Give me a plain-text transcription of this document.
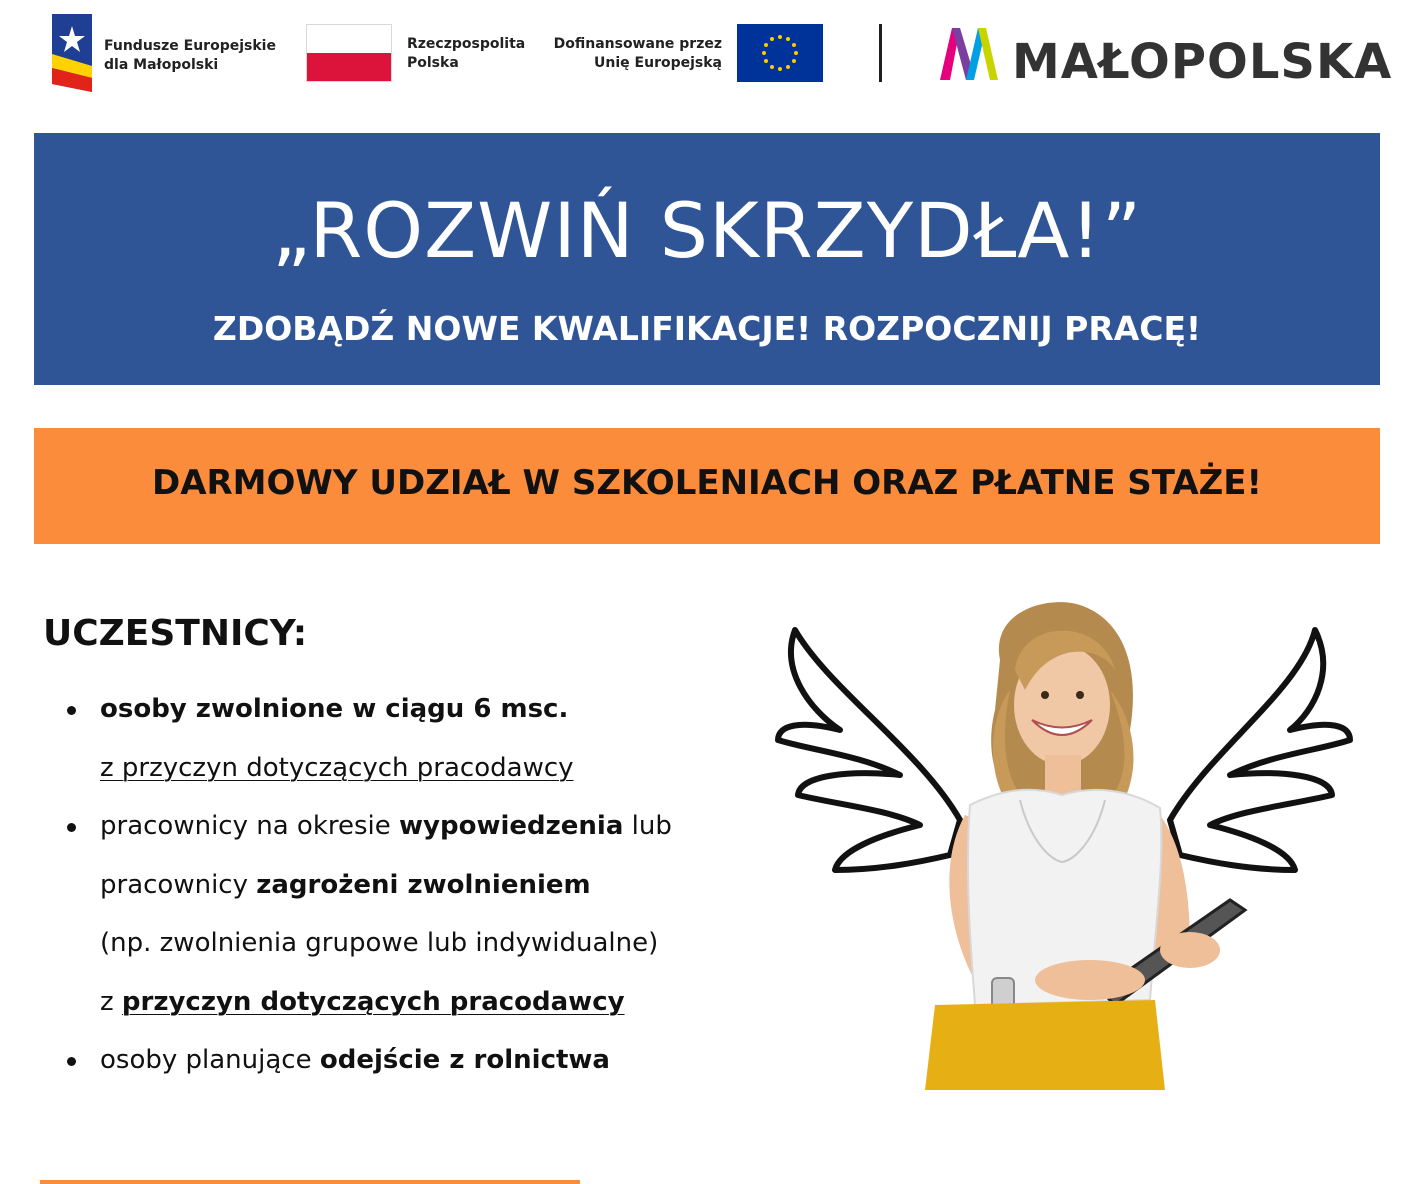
Fundusze Europejskie
dla Małopolski
Rzeczpospolita
Polska
Dofinansowane przez
Unię Europejską	MAŁOPOLSKA
„ROZWIŃ SKRZYDŁA!”
ZDOBĄDŹ NOWE KWALIFIKACJE! ROZPOCZNIJ PRACĘ!
DARMOWY UDZIAŁ W SZKOLENIACH ORAZ PŁATNE STAŻE!
UCZESTNICY:
osoby zwolnione w ciągu 6 msc.
z przyczyn dotyczących pracodawcy
pracownicy na okresie wypowiedzenia lub
pracownicy zagrożeni zwolnieniem
(np. zwolnienia grupowe lub indywidualne)
z przyczyn dotyczących pracodawcy
osoby planujące odejście z rolnictwa
